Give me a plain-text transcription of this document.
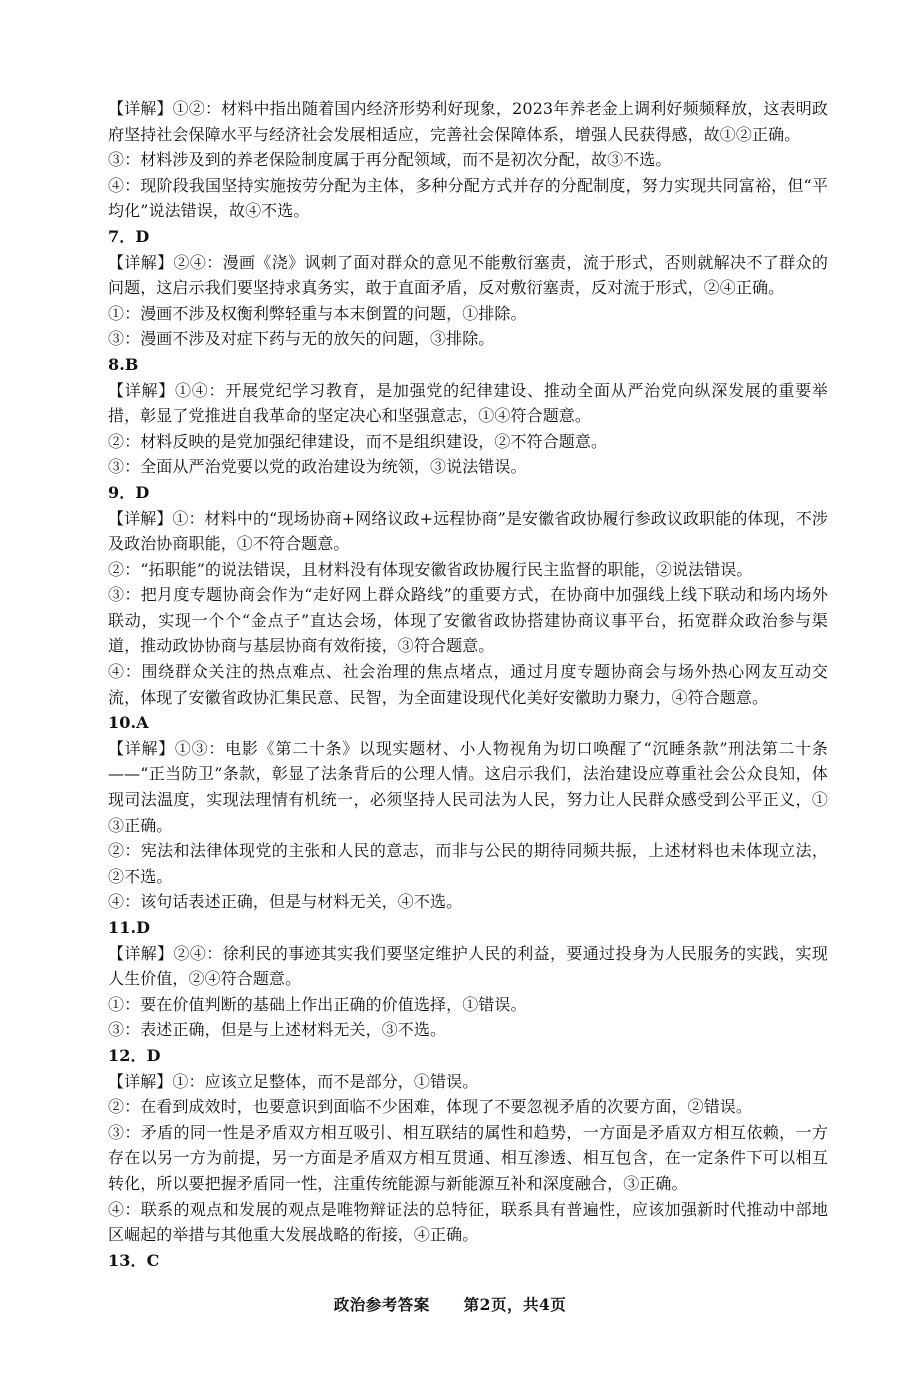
【详解】①②：材料中指出随着国内经济形势利好现象，2023年养老金上调利好频频释放，这表明政府坚持社会保障水平与经济社会发展相适应，完善社会保障体系，增强人民获得感，故①②正确。

③：材料涉及到的养老保险制度属于再分配领域，而不是初次分配，故③不选。

④：现阶段我国坚持实施按劳分配为主体，多种分配方式并存的分配制度，努力实现共同富裕，但“平均化”说法错误，故④不选。

7．D

【详解】②④：漫画《浇》讽刺了面对群众的意见不能敷衍塞责，流于形式，否则就解决不了群众的问题，这启示我们要坚持求真务实，敢于直面矛盾，反对敷衍塞责，反对流于形式，②④正确。

①：漫画不涉及权衡利弊轻重与本末倒置的问题，①排除。

③：漫画不涉及对症下药与无的放矢的问题，③排除。

8.B

【详解】①④：开展党纪学习教育，是加强党的纪律建设、推动全面从严治党向纵深发展的重要举措，彰显了党推进自我革命的坚定决心和坚强意志，①④符合题意。

②：材料反映的是党加强纪律建设，而不是组织建设，②不符合题意。

③：全面从严治党要以党的政治建设为统领，③说法错误。

9．D

【详解】①：材料中的“现场协商+网络议政+远程协商”是安徽省政协履行参政议政职能的体现，不涉及政治协商职能，①不符合题意。

②：“拓职能”的说法错误，且材料没有体现安徽省政协履行民主监督的职能，②说法错误。

③：把月度专题协商会作为“走好网上群众路线”的重要方式，在协商中加强线上线下联动和场内场外联动，实现一个个“金点子”直达会场，体现了安徽省政协搭建协商议事平台，拓宽群众政治参与渠道，推动政协协商与基层协商有效衔接，③符合题意。

④：围绕群众关注的热点难点、社会治理的焦点堵点，通过月度专题协商会与场外热心网友互动交流，体现了安徽省政协汇集民意、民智，为全面建设现代化美好安徽助力聚力，④符合题意。

10.A

【详解】①③：电影《第二十条》以现实题材、小人物视角为切口唤醒了“沉睡条款”刑法第二十条——“正当防卫”条款，彰显了法条背后的公理人情。这启示我们，法治建设应尊重社会公众良知，体现司法温度，实现法理情有机统一，必须坚持人民司法为人民，努力让人民群众感受到公平正义，①③正确。

②：宪法和法律体现党的主张和人民的意志，而非与公民的期待同频共振，上述材料也未体现立法，②不选。

④：该句话表述正确，但是与材料无关，④不选。

11.D

【详解】②④：徐利民的事迹其实我们要坚定维护人民的利益，要通过投身为人民服务的实践，实现人生价值，②④符合题意。

①：要在价值判断的基础上作出正确的价值选择，①错误。

③：表述正确，但是与上述材料无关，③不选。

12．D

【详解】①：应该立足整体，而不是部分，①错误。

②：在看到成效时，也要意识到面临不少困难，体现了不要忽视矛盾的次要方面，②错误。

③：矛盾的同一性是矛盾双方相互吸引、相互联结的属性和趋势，一方面是矛盾双方相互依赖，一方存在以另一方为前提，另一方面是矛盾双方相互贯通、相互渗透、相互包含，在一定条件下可以相互转化，所以要把握矛盾同一性，注重传统能源与新能源互补和深度融合，③正确。

④：联系的观点和发展的观点是唯物辩证法的总特征，联系具有普遍性，应该加强新时代推动中部地区崛起的举措与其他重大发展战略的衔接，④正确。

13．C

政治参考答案 第2页，共4页
